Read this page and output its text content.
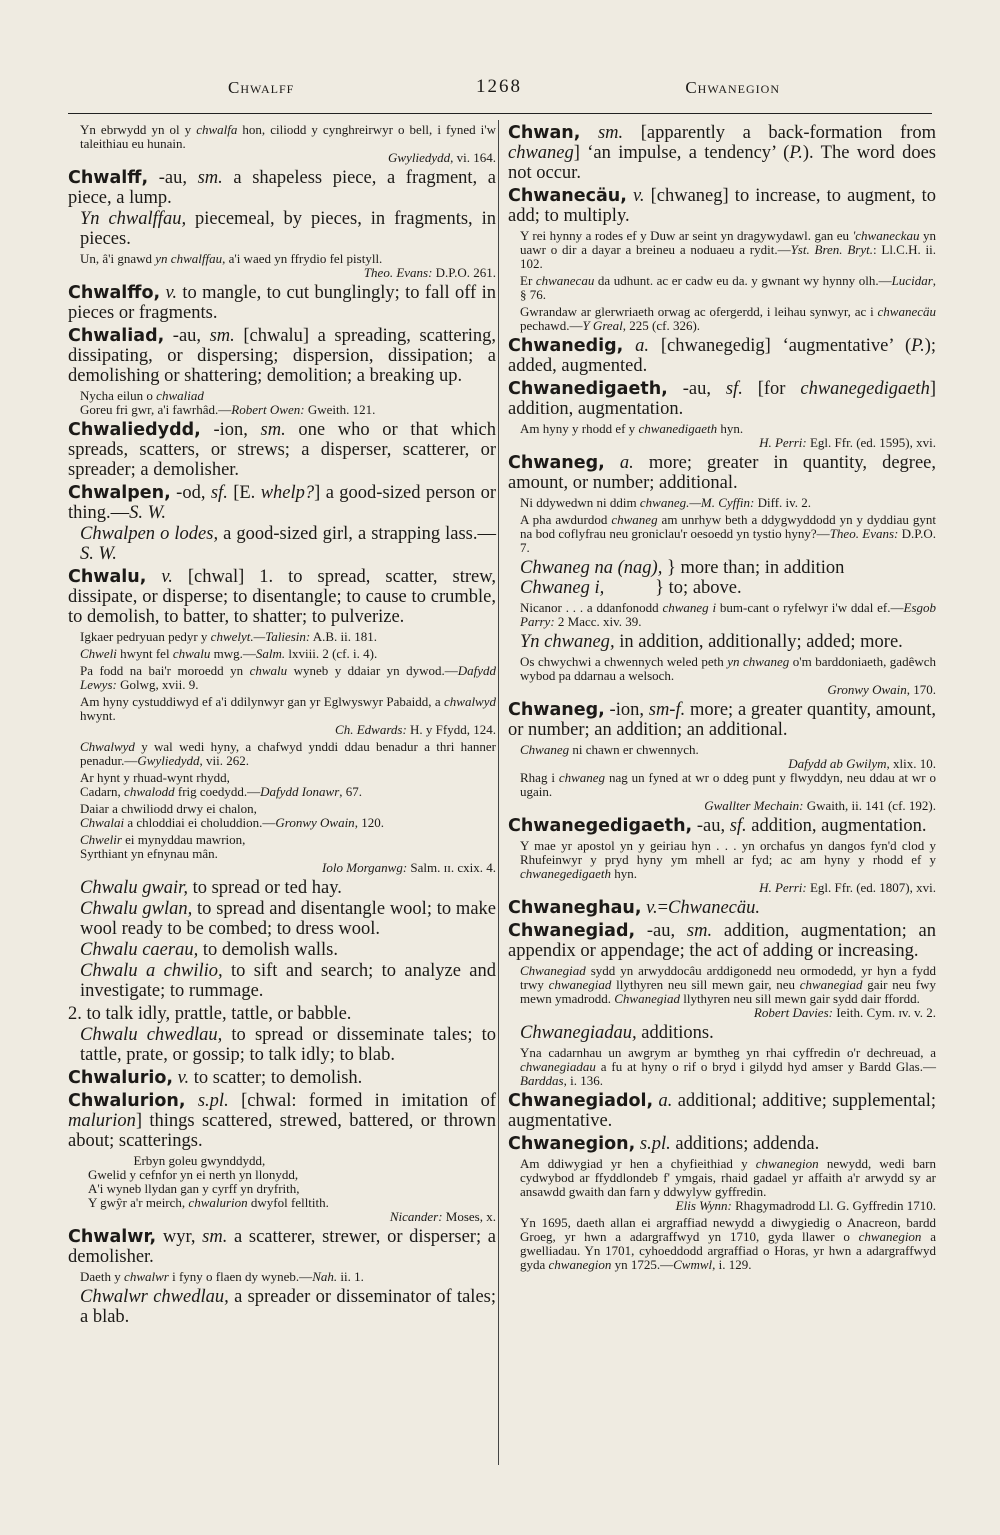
Chwalff	1268	Chwanegion
Yn ebrwydd yn ol y chwalfa hon, ciliodd y cynghreirwyr o bell, i fyned i'w taleithiau eu hunain.
Gwyliedydd, vi. 164.
Chwalff, -au, sm. a shapeless piece, a fragment, a piece, a lump.
Yn chwalffau, piecemeal, by pieces, in fragments, in pieces.
Un, â'i gnawd yn chwalffau, a'i waed yn ffrydio fel pistyll.
Theo. Evans: D.P.O. 261.
Chwalffo, v. to mangle, to cut bunglingly; to fall off in pieces or fragments.
Chwaliad, -au, sm. [chwalu] a spreading, scattering, dissipating, or dispersing; dispersion, dissipation; a demolishing or shattering; demolition; a breaking up.
Nycha eilun o chwaliad
Goreu fri gwr, a'i fawrhâd.—Robert Owen: Gweith. 121.
Chwaliedydd, -ion, sm. one who or that which spreads, scatters, or strews; a disperser, scatterer, or spreader; a demolisher.
Chwalpen, -od, sf. [E. whelp?] a good-sized person or thing.—S. W.
Chwalpen o lodes, a good-sized girl, a strapping lass.—S. W.
Chwalu, v. [chwal] 1. to spread, scatter, strew, dissipate, or disperse; to disentangle; to cause to crumble, to demolish, to batter, to shatter; to pulverize.
Igkaer pedryuan pedyr y chwelyt.—Taliesin: A.B. ii. 181.
Chweli hwynt fel chwalu mwg.—Salm. lxviii. 2 (cf. i. 4).
Pa fodd na bai'r moroedd yn chwalu wyneb y ddaiar yn dywod.—Dafydd Lewys: Golwg, xvii. 9.
Am hyny cystuddiwyd ef a'i ddilynwyr gan yr Eglwyswyr Pabaidd, a chwalwyd hwynt.
Ch. Edwards: H. y Ffydd, 124.
Chwalwyd y wal wedi hyny, a chafwyd ynddi ddau benadur a thri hanner penadur.—Gwyliedydd, vii. 262.
Ar hynt y rhuad-wynt rhydd,
Cadarn, chwalodd frig coedydd.—Dafydd Ionawr, 67.
Daiar a chwiliodd drwy ei chalon,
Chwalai a chloddiai ei choluddion.—Gronwy Owain, 120.
Chwelir ei mynyddau mawrion,
Syrthiant yn efnynau mân.
Iolo Morganwg: Salm. ɪɪ. cxix. 4.
Chwalu gwair, to spread or ted hay.
Chwalu gwlan, to spread and disentangle wool; to make wool ready to be combed; to dress wool.
Chwalu caerau, to demolish walls.
Chwalu a chwilio, to sift and search; to analyze and investigate; to rummage.
2. to talk idly, prattle, tattle, or babble.
Chwalu chwedlau, to spread or disseminate tales; to tattle, prate, or gossip; to talk idly; to blab.
Chwalurio, v. to scatter; to demolish.
Chwalurion, s.pl. [chwal: formed in imitation of malurion] things scattered, strewed, battered, or thrown about; scatterings.
Erbyn goleu gwynddydd,
Gwelid y cefnfor yn ei nerth yn llonydd,
A'i wyneb llydan gan y cyrff yn dryfrith,
Y gwŷr a'r meirch, chwalurion dwyfol felltith.
Nicander: Moses, x.
Chwalwr, wyr, sm. a scatterer, strewer, or disperser; a demolisher.
Daeth y chwalwr i fyny o flaen dy wyneb.—Nah. ii. 1.
Chwalwr chwedlau, a spreader or disseminator of tales; a blab.
Chwan, sm. [apparently a back-formation from chwaneg] ‘an impulse, a tendency’ (P.). The word does not occur.
Chwanecäu, v. [chwaneg] to increase, to augment, to add; to multiply.
Y rei hynny a rodes ef y Duw ar seint yn dragywydawl. gan eu 'chwaneckau yn uawr o dir a dayar a breineu a noduaeu a rydit.—Yst. Bren. Bryt.: Ll.C.H. ii. 102.
Er chwanecau da udhunt. ac er cadw eu da. y gwnant wy hynny olh.—Lucidar, § 76.
Gwrandaw ar glerwriaeth orwag ac ofergerdd, i leihau synwyr, ac i chwanecäu pechawd.—Y Greal, 225 (cf. 326).
Chwanedig, a. [chwanegedig] ‘augmentative’ (P.); added, augmented.
Chwanedigaeth, -au, sf. [for chwanegedigaeth] addition, augmentation.
Am hyny y rhodd ef y chwanedigaeth hyn.
H. Perri: Egl. Ffr. (ed. 1595), xvi.
Chwaneg, a. more; greater in quantity, degree, amount, or number; additional.
Ni ddywedwn ni ddim chwaneg.—M. Cyffin: Diff. iv. 2.
A pha awdurdod chwaneg am unrhyw beth a ddygwyddodd yn y dyddiau gynt na bod coflyfrau neu groniclau'r oesoedd yn tystio hyny?—Theo. Evans: D.P.O. 7.
Chwaneg na (nag), } more than; in addition
Chwaneg i,           } to; above.
Nicanor . . . a ddanfonodd chwaneg i bum-cant o ryfelwyr i'w ddal ef.—Esgob Parry: 2 Macc. xiv. 39.
Yn chwaneg, in addition, additionally; added; more.
Os chwychwi a chwennych weled peth yn chwaneg o'm barddoniaeth, gadêwch wybod pa ddarnau a welsoch.
Gronwy Owain, 170.
Chwaneg, -ion, sm-f. more; a greater quantity, amount, or number; an addition; an additional.
Chwaneg ni chawn er chwennych.
Dafydd ab Gwilym, xlix. 10.
Rhag i chwaneg nag un fyned at wr o ddeg punt y flwyddyn, neu ddau at wr o ugain.
Gwallter Mechain: Gwaith, ii. 141 (cf. 192).
Chwanegedigaeth, -au, sf. addition, augmentation.
Y mae yr apostol yn y geiriau hyn . . . yn orchafus yn dangos fyn'd clod y Rhufeinwyr y pryd hyny ym mhell ar fyd; ac am hyny y rhodd ef y chwanegedigaeth hyn.
H. Perri: Egl. Ffr. (ed. 1807), xvi.
Chwaneghau, v.=Chwanecäu.
Chwanegiad, -au, sm. addition, augmentation; an appendix or appendage; the act of adding or increasing.
Chwanegiad sydd yn arwyddocâu arddigonedd neu ormodedd, yr hyn a fydd trwy chwanegiad llythyren neu sill mewn gair, neu chwanegiad gair neu fwy mewn ymadrodd. Chwanegiad llythyren neu sill mewn gair sydd dair ffordd.
Robert Davies: Ieith. Cym. ɪv. v. 2.
Chwanegiadau, additions.
Yna cadarnhau un awgrym ar bymtheg yn rhai cyffredin o'r dechreuad, a chwanegiadau a fu at hyny o rif o bryd i gilydd hyd amser y Bardd Glas.—Barddas, i. 136.
Chwanegiadol, a. additional; additive; supplemental; augmentative.
Chwanegion, s.pl. additions; addenda.
Am ddiwygiad yr hen a chyfieithiad y chwanegion newydd, wedi barn cydwybod ar ffyddlondeb f' ymgais, rhaid gadael yr affaith a'r arwydd sy ar ansawdd gwaith dan farn y ddwylyw gyffredin.
Elis Wynn: Rhagymadrodd Ll. G. Gyffredin 1710.
Yn 1695, daeth allan ei argraffiad newydd a diwygiedig o Anacreon, bardd Groeg, yr hwn a adargraffwyd yn 1710, gyda llawer o chwanegion a gwelliadau. Yn 1701, cyhoeddodd argraffiad o Horas, yr hwn a adargraffwyd gyda chwanegion yn 1725.—Cwmwl, i. 129.
